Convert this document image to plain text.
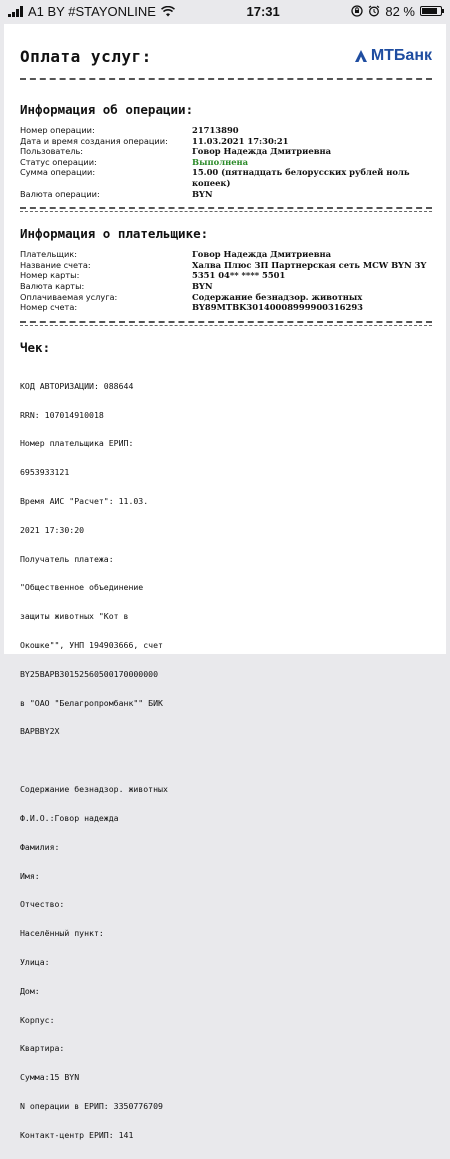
A1 BY #STAYONLINE	17:31	82 %
Оплата услуг:	МТБанк
Информация об операции:
Номер операции:	21713890
Дата и время создания операции:	11.03.2021 17:30:21
Пользователь:	Говор Надежда Дмитриевна
Статус операции:	Выполнена
Сумма операции:	15.00 (пятнадцать белорусских рублей ноль копеек)
Валюта операции:	BYN
Информация о плательщике:
Плательщик:	Говор Надежда Дмитриевна
Название счета:	Халва Плюс ЗП Партнерская сеть MCW BYN 3Y
Номер карты:	5351 04** **** 5501
Валюта карты:	BYN
Оплачиваемая услуга:	Содержание безнадзор. животных
Номер счета:	BY89MTBK30140008999900316293
Чек:

КОД АВТОРИЗАЦИИ: 088644

RRN: 107014910018

Номер плательщика ЕРИП:

6953933121

Время АИС "Расчет": 11.03.

2021 17:30:20

Получатель платежа:

"Общественное объединение

защиты животных "Кот в

Окошке"", УНП 194903666, счет

BY25BAPB30152560500170000000

в "ОАО "Белагропромбанк"" БИК

BAPBBY2X

Содержание безнадзор. животных

Ф.И.О.:Говор надежда

Фамилия:

Имя:

Отчество:

Населённый пункт:

Улица:

Дом:

Корпус:

Квартира:

Сумма:15 BYN

N операции в ЕРИП: 3350776709

Контакт-центр ЕРИП: 141
